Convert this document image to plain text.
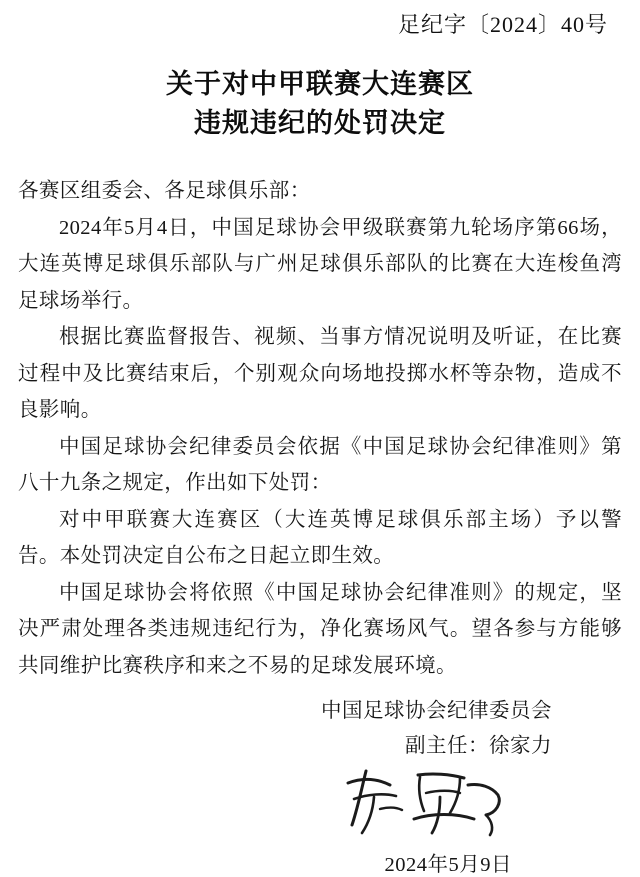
足纪字〔2024〕40号
关于对中甲联赛大连赛区
违规违纪的处罚决定

各赛区组委会、各足球俱乐部：

2024年5月4日，中国足球协会甲级联赛第九轮场序第66场，大连英博足球俱乐部队与广州足球俱乐部队的比赛在大连梭鱼湾足球场举行。

根据比赛监督报告、视频、当事方情况说明及听证，在比赛过程中及比赛结束后，个别观众向场地投掷水杯等杂物，造成不良影响。

中国足球协会纪律委员会依据《中国足球协会纪律准则》第八十九条之规定，作出如下处罚：

对中甲联赛大连赛区（大连英博足球俱乐部主场）予以警告。本处罚决定自公布之日起立即生效。

中国足球协会将依照《中国足球协会纪律准则》的规定，坚决严肃处理各类违规违纪行为，净化赛场风气。望各参与方能够共同维护比赛秩序和来之不易的足球发展环境。

中国足球协会纪律委员会
副主任：徐家力
2024年5月9日
